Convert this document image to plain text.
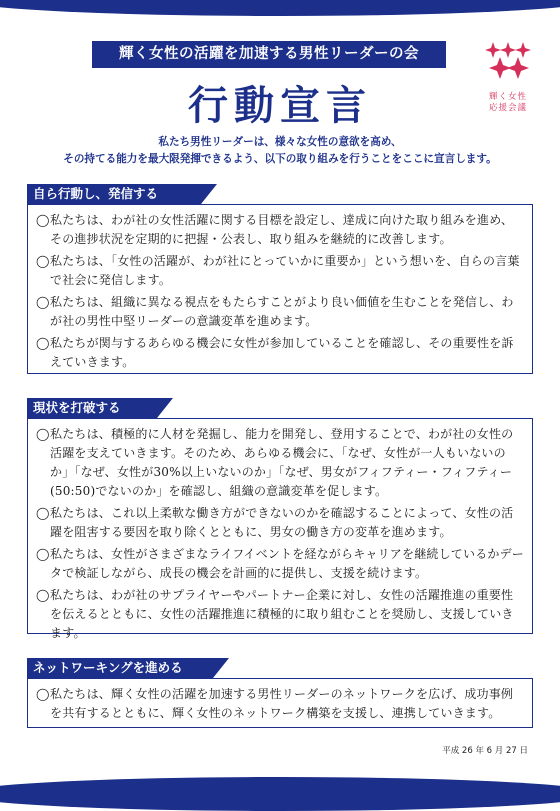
輝く女性の活躍を加速する男性リーダーの会
輝く女性
応援会議
行動宣言
私たち男性リーダーは、様々な女性の意欲を高め、
その持てる能力を最大限発揮できるよう、以下の取り組みを行うことをここに宣言します。
自ら行動し、発信する
◯私たちは、わが社の女性活躍に関する目標を設定し、達成に向けた取り組みを進め、その進捗状況を定期的に把握・公表し、取り組みを継続的に改善します。
◯私たちは、「女性の活躍が、わが社にとっていかに重要か」という想いを、自らの言葉で社会に発信します。
◯私たちは、組織に異なる視点をもたらすことがより良い価値を生むことを発信し、わが社の男性中堅リーダーの意識変革を進めます。
◯私たちが関与するあらゆる機会に女性が参加していることを確認し、その重要性を訴えていきます。
現状を打破する
◯私たちは、積極的に人材を発掘し、能力を開発し、登用することで、わが社の女性の活躍を支えていきます。そのため、あらゆる機会に、「なぜ、女性が一人もいないのか」「なぜ、女性が30%以上いないのか」「なぜ、男女がフィフティー・フィフティー(50:50)でないのか」を確認し、組織の意識変革を促します。
◯私たちは、これ以上柔軟な働き方ができないのかを確認することによって、女性の活躍を阻害する要因を取り除くとともに、男女の働き方の変革を進めます。
◯私たちは、女性がさまざまなライフイベントを経ながらキャリアを継続しているかデータで検証しながら、成長の機会を計画的に提供し、支援を続けます。
◯私たちは、わが社のサプライヤーやパートナー企業に対し、女性の活躍推進の重要性を伝えるとともに、女性の活躍推進に積極的に取り組むことを奨励し、支援していきます。
ネットワーキングを進める
◯私たちは、輝く女性の活躍を加速する男性リーダーのネットワークを広げ、成功事例を共有するとともに、輝く女性のネットワーク構築を支援し、連携していきます。
平成 26 年 6 月 27 日
